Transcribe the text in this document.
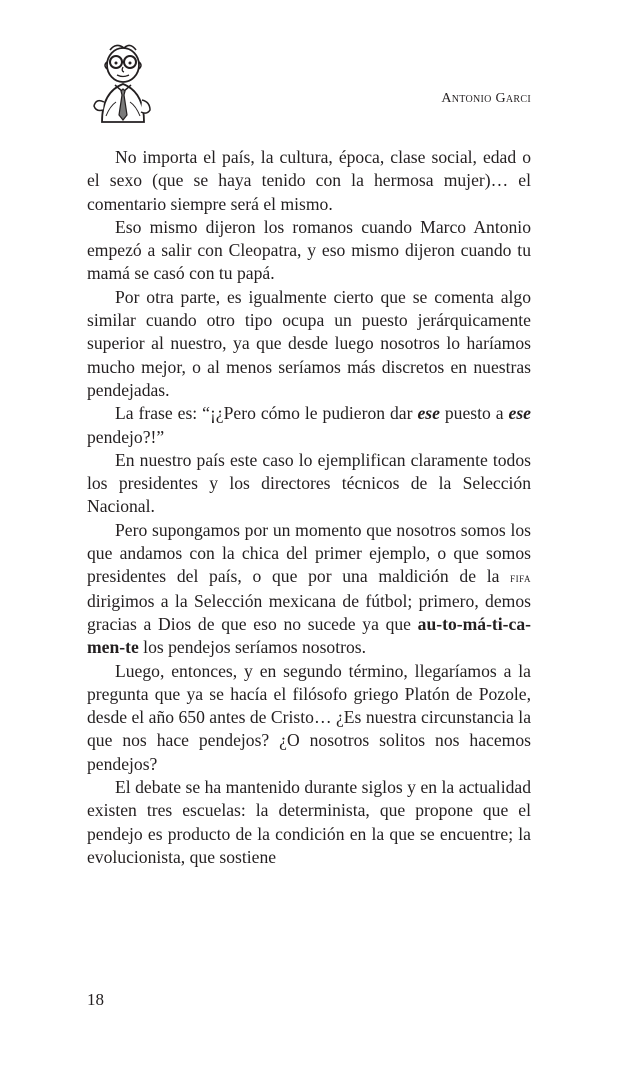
Antonio Garci

No importa el país, la cultura, época, clase social, edad o el sexo (que se haya tenido con la hermosa mujer)… el comentario siempre será el mismo.

Eso mismo dijeron los romanos cuando Marco Antonio empezó a salir con Cleopatra, y eso mismo dijeron cuando tu mamá se casó con tu papá.

Por otra parte, es igualmente cierto que se comenta algo similar cuando otro tipo ocupa un puesto jerárquicamente superior al nuestro, ya que desde luego nosotros lo haríamos mucho mejor, o al menos seríamos más discretos en nuestras pendejadas.

La frase es: “¡¿Pero cómo le pudieron dar ese puesto a ese pendejo?!”

En nuestro país este caso lo ejemplifican claramente todos los presidentes y los directores técnicos de la Selección Nacional.

Pero supongamos por un momento que nosotros somos los que andamos con la chica del primer ejemplo, o que somos presidentes del país, o que por una maldición de la fifa dirigimos a la Selección mexicana de fútbol; primero, demos gracias a Dios de que eso no sucede ya que au-to-má-ti-ca-men-te los pendejos seríamos nosotros.

Luego, entonces, y en segundo término, llegaríamos a la pregunta que ya se hacía el filósofo griego Platón de Pozole, desde el año 650 antes de Cristo… ¿Es nuestra circunstancia la que nos hace pendejos? ¿O nosotros solitos nos hacemos pendejos?

El debate se ha mantenido durante siglos y en la actualidad existen tres escuelas: la determinista, que propone que el pendejo es producto de la condición en la que se encuentre; la evolucionista, que sostiene

18
